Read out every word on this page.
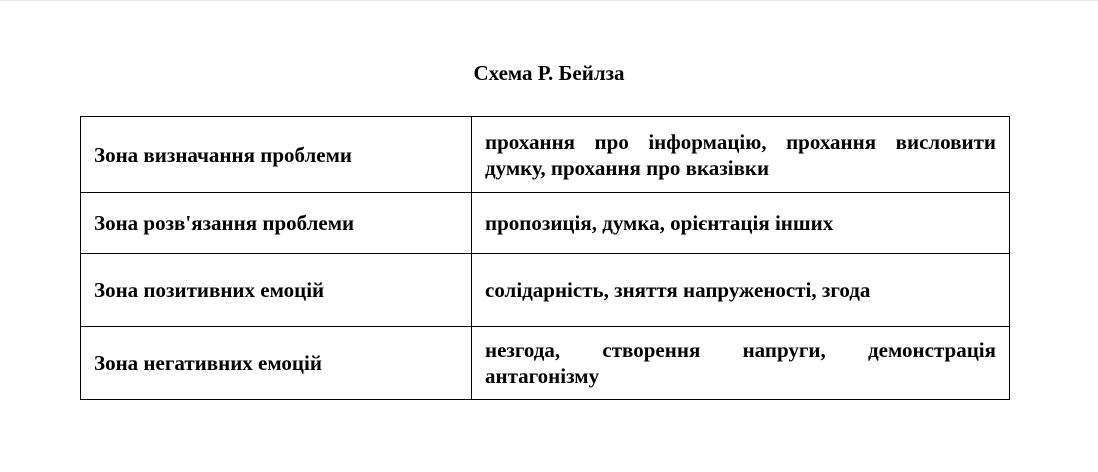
Схема Р. Бейлза
Зона визначання проблеми	прохання про інформацію, прохання висловити думку, прохання про вказівки
Зона розв'язання проблеми	пропозиція, думка, орієнтація інших
Зона позитивних емоцій	солідарність, зняття напруженості, згода
Зона негативних емоцій	незгода, створення напруги, демонстрація антагонізму
